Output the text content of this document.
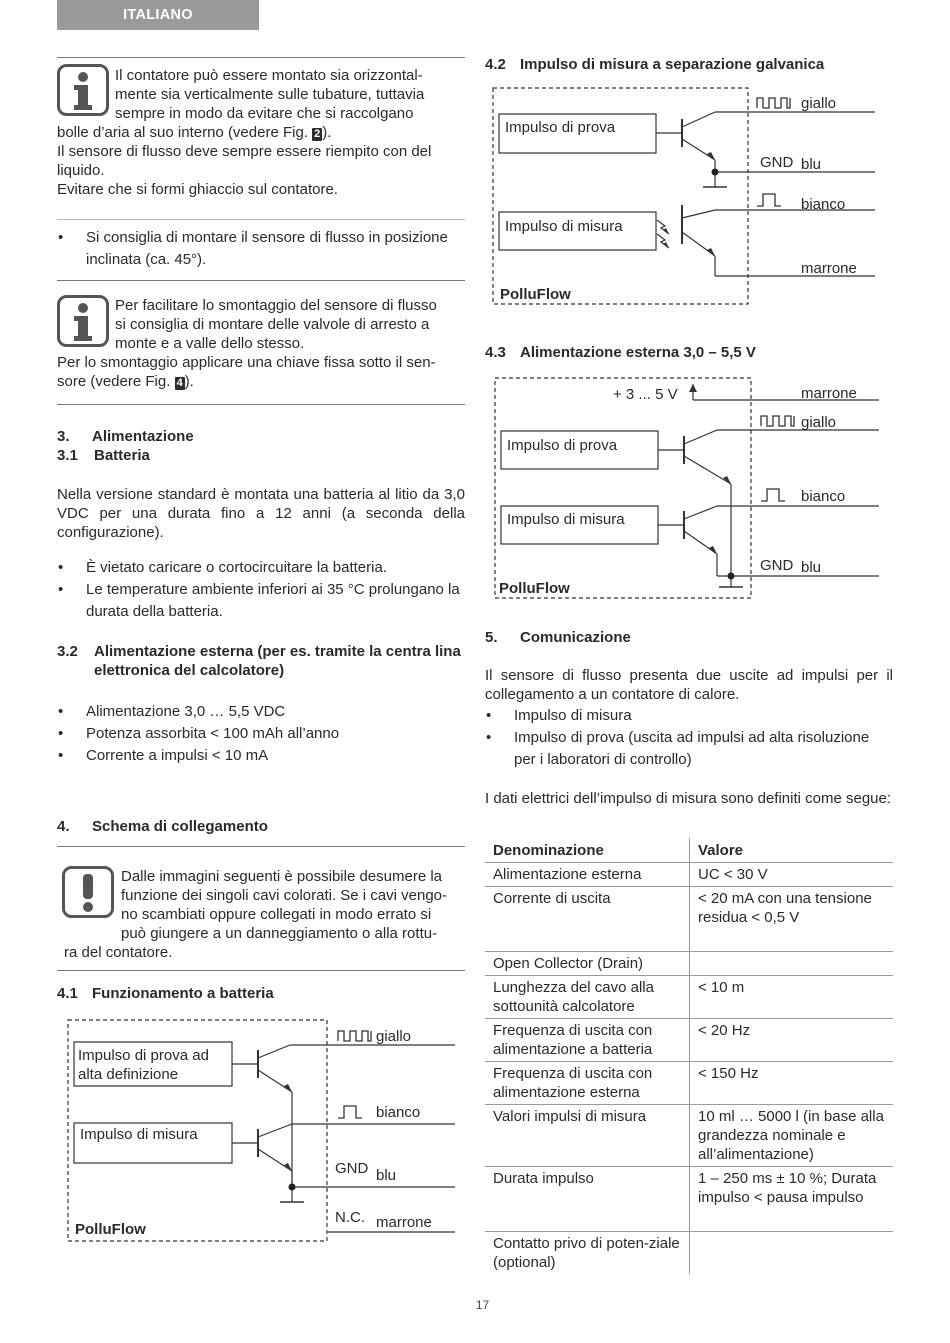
ITALIANO
Il contatore può essere montato sia orizzontal-
mente sia verticalmente sulle tubature, tuttavia
sempre in modo da evitare che si raccolgano
bolle d’aria al suo interno (vedere Fig. 2 ).
Il sensore di flusso deve sempre essere riempito con del liquido.
Evitare che si formi ghiaccio sul contatore.
• Si consiglia di montare il sensore di flusso in posizione inclinata (ca. 45°).
Per facilitare lo smontaggio del sensore di flusso
si consiglia di montare delle valvole di arresto a
monte e a valle dello stesso.
Per lo smontaggio applicare una chiave fissa sotto il sen-
sore (vedere Fig. 4 ).
3. Alimentazione
3.1 Batteria
Nella versione standard è montata una batteria al litio da 3,0 VDC per una durata fino a 12 anni (a seconda della configurazione).
• È vietato caricare o cortocircuitare la batteria.
• Le temperature ambiente inferiori ai 35 °C prolungano la durata della batteria.
3.2	Alimentazione esterna (per es. tramite la centra lina elettronica del calcolatore)
• Alimentazione 3,0 … 5,5 VDC
• Potenza assorbita < 100 mAh all’anno
• Corrente a impulsi < 10 mA
4. Schema di collegamento
Dalle immagini seguenti è possibile desumere la
funzione dei singoli cavi colorati. Se i cavi vengo-
no scambiati oppure collegati in modo errato si
può giungere a un danneggiamento o alla rottu-
ra del contatore.
4.1 Funzionamento a batteria
Impulso di prova ad
alta definizione
Impulso di misura
giallo
bianco
GND blu
N.C. marrone
PolluFlow
4.2 Impulso di misura a separazione galvanica
Impulso di prova
Impulso di misura
giallo
GND blu
bianco
marrone
PolluFlow
4.3 Alimentazione esterna 3,0 – 5,5 V
+ 3 ... 5 V
Impulso di prova
Impulso di misura
marrone
giallo
bianco
GND blu
PolluFlow
5. Comunicazione
Il sensore di flusso presenta due uscite ad impulsi per il collegamento a un contatore di calore.
• Impulso di misura
• Impulso di prova (uscita ad impulsi ad alta risoluzione per i laboratori di controllo)
I dati elettrici dell’impulso di misura sono definiti come segue:
Denominazione	Valore
Alimentazione esterna	UC < 30 V
Corrente di uscita	< 20 mA con una tensione residua < 0,5 V
Open Collector (Drain)	
Lunghezza del cavo alla sottounità calcolatore	< 10 m
Frequenza di uscita con alimentazione a batteria	< 20 Hz
Frequenza di uscita con alimentazione esterna	< 150 Hz
Valori impulsi di misura	10 ml … 5000 l (in base alla grandezza nominale e all’alimentazione)
Durata impulso	1 – 250 ms ± 10 %; Durata impulso < pausa impulso
Contatto privo di poten-ziale (optional)	
17
